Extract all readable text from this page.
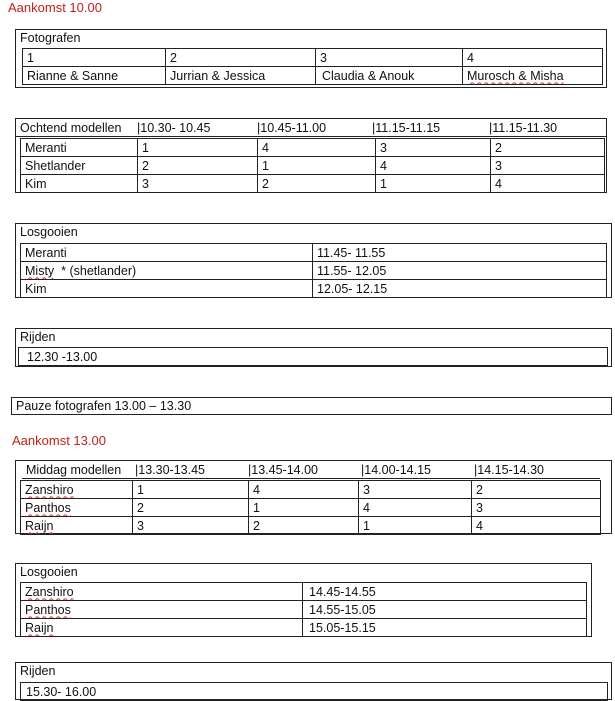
Aankomst 10.00
Fotografen
1	2	3	4
Rianne & Sanne	Jurrian & Jessica	Claudia & Anouk	Murosch & Misha
Ochtend modellen	|10.30- 10.45	|10.45-11.00	|11.15-11.15	|11.15-11.30
Meranti	1	4	3	2
Shetlander	2	1	4	3
Kim	3	2	1	4
Losgooien
Meranti	11.45- 11.55
Misty  * (shetlander)	11.55- 12.05
Kim	12.05- 12.15
Rijden
12.30 -13.00
Pauze fotografen 13.00 – 13.30
Aankomst 13.00
Middag modellen	|13.30-13.45	|13.45-14.00	|14.00-14.15	|14.15-14.30
Zanshiro	1	4	3	2
Panthos	2	1	4	3
Raijn	3	2	1	4
Losgooien
Zanshiro	14.45-14.55
Panthos	14.55-15.05
Raijn	15.05-15.15
Rijden
15.30- 16.00
